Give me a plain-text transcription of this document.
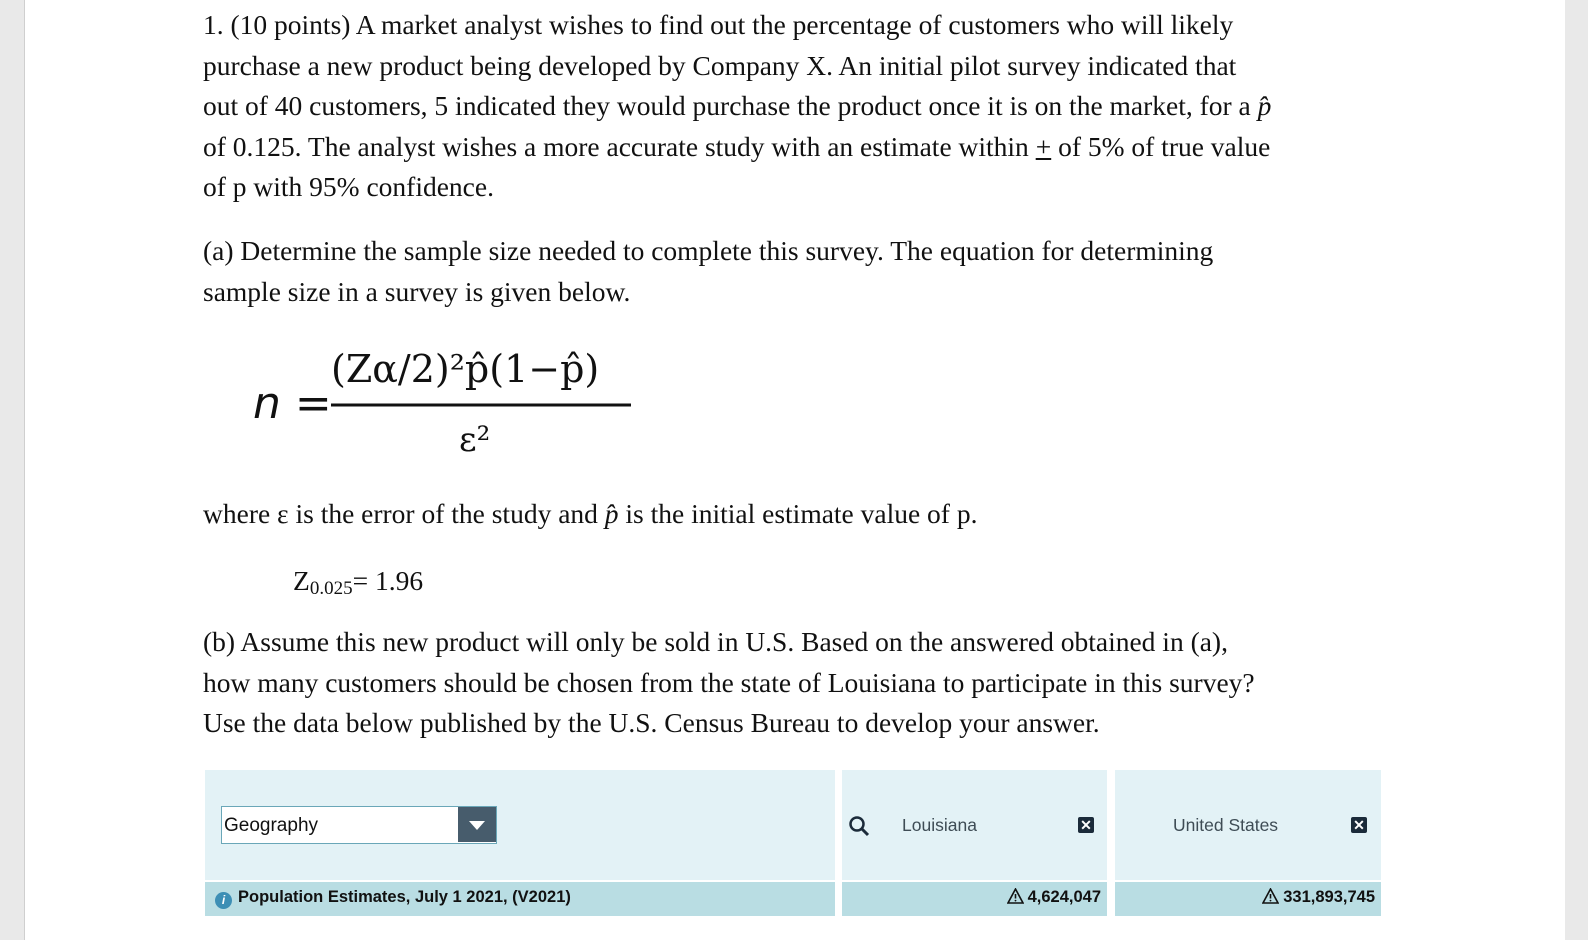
1. (10 points) A market analyst wishes to find out the percentage of customers who will likely
purchase a new product being developed by Company X. An initial pilot survey indicated that
out of 40 customers, 5 indicated they would purchase the product once it is on the market, for a p̂
of 0.125. The analyst wishes a more accurate study with an estimate within + of 5% of true value
of p with 95% confidence.
(a) Determine the sample size needed to complete this survey. The equation for determining
sample size in a survey is given below.
n =
(Zα/2)²p̂(1−p̂)
ε²
where ε is the error of the study and p̂ is the initial estimate value of p.
$Z_{0.025}= 1.96$
(b) Assume this new product will only be sold in U.S. Based on the answered obtained in (a),
how many customers should be chosen from the state of Louisiana to participate in this survey?
Use the data below published by the U.S. Census Bureau to develop your answer.
Geography	Louisiana	✕	United States	✕
i Population Estimates, July 1 2021, (V2021)	4,624,047	331,893,745
